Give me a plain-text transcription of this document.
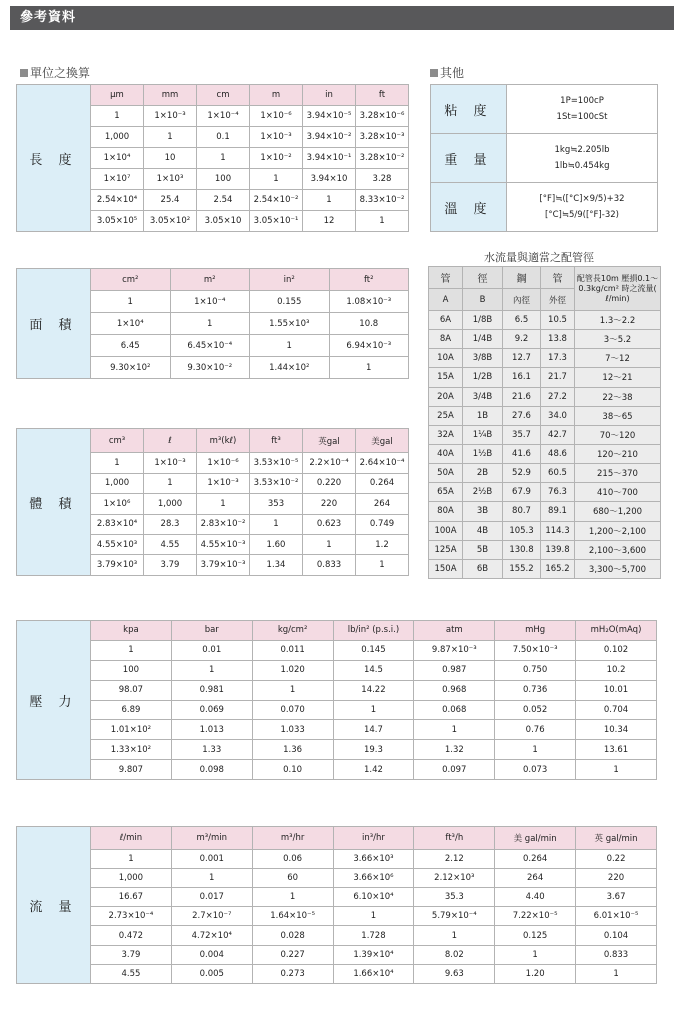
參考資料
單位之換算	其他
長 度	μm	mm	cm	m	in	ft
	1	1×10⁻³	1×10⁻⁴	1×10⁻⁶	3.94×10⁻⁵	3.28×10⁻⁶
	1,000	1	0.1	1×10⁻³	3.94×10⁻²	3.28×10⁻³
	1×10⁴	10	1	1×10⁻²	3.94×10⁻¹	3.28×10⁻²
	1×10⁷	1×10³	100	1	3.94×10	3.28
	2.54×10⁴	25.4	2.54	2.54×10⁻²	1	8.33×10⁻²
	3.05×10⁵	3.05×10²	3.05×10	3.05×10⁻¹	12	1
面 積	cm²	m²	in²	ft²
	1	1×10⁻⁴	0.155	1.08×10⁻³
	1×10⁴	1	1.55×10³	10.8
	6.45	6.45×10⁻⁴	1	6.94×10⁻³
	9.30×10²	9.30×10⁻²	1.44×10²	1
體 積	cm³	ℓ	m³(kℓ)	ft³	英gal	美gal
	1	1×10⁻³	1×10⁻⁶	3.53×10⁻⁵	2.2×10⁻⁴	2.64×10⁻⁴
	1,000	1	1×10⁻³	3.53×10⁻²	0.220	0.264
	1×10⁶	1,000	1	353	220	264
	2.83×10⁴	28.3	2.83×10⁻²	1	0.623	0.749
	4.55×10³	4.55	4.55×10⁻³	1.60	1	1.2
	3.79×10³	3.79	3.79×10⁻³	1.34	0.833	1
壓 力	kpa	bar	kg/cm²	lb/in² (p.s.i.)	atm	mHg	mH₂O(mAq)
	1	0.01	0.011	0.145	9.87×10⁻³	7.50×10⁻³	0.102
	100	1	1.020	14.5	0.987	0.750	10.2
	98.07	0.981	1	14.22	0.968	0.736	10.01
	6.89	0.069	0.070	1	0.068	0.052	0.704
	1.01×10²	1.013	1.033	14.7	1	0.76	10.34
	1.33×10²	1.33	1.36	19.3	1.32	1	13.61
	9.807	0.098	0.10	1.42	0.097	0.073	1
流 量	ℓ/min	m³/min	m³/hr	in³/hr	ft³/h	美 gal/min	英 gal/min
	1	0.001	0.06	3.66×10³	2.12	0.264	0.22
	1,000	1	60	3.66×10⁶	2.12×10³	264	220
	16.67	0.017	1	6.10×10⁴	35.3	4.40	3.67
	2.73×10⁻⁴	2.7×10⁻⁷	1.64×10⁻⁵	1	5.79×10⁻⁴	7.22×10⁻⁵	6.01×10⁻⁵
	0.472	4.72×10⁴	0.028	1.728	1	0.125	0.104
	3.79	0.004	0.227	1.39×10⁴	8.02	1	0.833
	4.55	0.005	0.273	1.66×10⁴	9.63	1.20	1
粘 度	1P=100cP
1St=100cSt

重 量	1kg≒2.205lb
1lb≒0.454kg

溫 度	[°F]≒([°C]×9/5)+32
[°C]≒5/9([°F]-32)
水流量與適當之配管徑
管	徑	鋼	管	配管長10m 壓損0.1～0.3kg/cm² 時之流量( ℓ/min)
A	B	內徑	外徑	
6A	1/8B	6.5	10.5	1.3～2.2
8A	1/4B	9.2	13.8	3～5.2
10A	3/8B	12.7	17.3	7～12
15A	1/2B	16.1	21.7	12～21
20A	3/4B	21.6	27.2	22～38
25A	1B	27.6	34.0	38～65
32A	1¼B	35.7	42.7	70～120
40A	1½B	41.6	48.6	120～210
50A	2B	52.9	60.5	215～370
65A	2½B	67.9	76.3	410～700
80A	3B	80.7	89.1	680～1,200
100A	4B	105.3	114.3	1,200～2,100
125A	5B	130.8	139.8	2,100～3,600
150A	6B	155.2	165.2	3,300～5,700
